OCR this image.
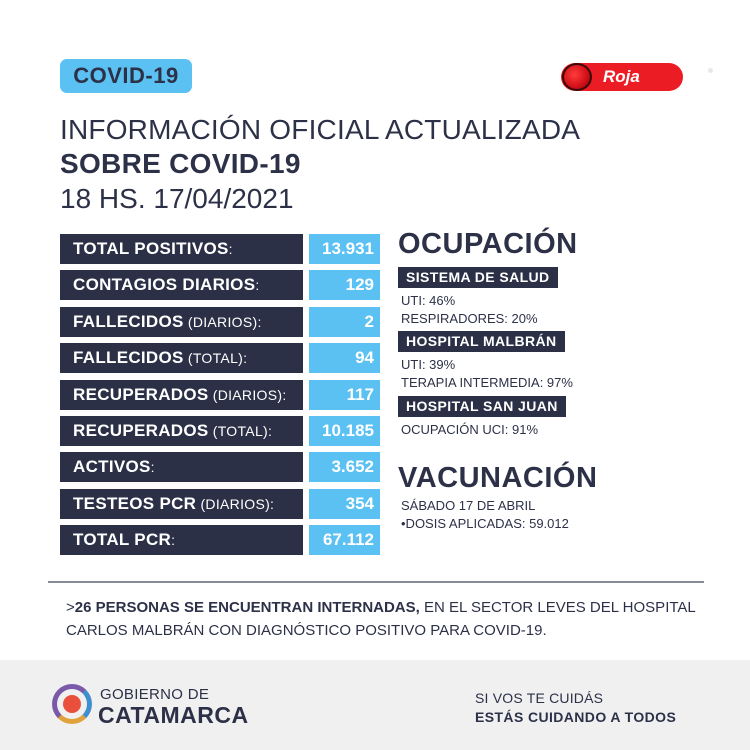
COVID-19	Roja
INFORMACIÓN OFICIAL ACTUALIZADA
SOBRE COVID-19
18 HS. 17/04/2021
TOTAL POSITIVOS:	13.931
CONTAGIOS DIARIOS:	129
FALLECIDOS (DIARIOS):	2
FALLECIDOS (TOTAL):	94
RECUPERADOS (DIARIOS):	117
RECUPERADOS (TOTAL):	10.185
ACTIVOS:	3.652
TESTEOS PCR (DIARIOS):	354
TOTAL PCR:	67.112
OCUPACIÓN
SISTEMA DE SALUD
UTI: 46%
RESPIRADORES: 20%
HOSPITAL MALBRÁN
UTI: 39%
TERAPIA INTERMEDIA: 97%
HOSPITAL SAN JUAN
OCUPACIÓN UCI: 91%
VACUNACIÓN
SÁBADO 17 DE ABRIL
•DOSIS APLICADAS: 59.012
>26 PERSONAS SE ENCUENTRAN INTERNADAS, EN EL SECTOR LEVES DEL HOSPITAL CARLOS MALBRÁN CON DIAGNÓSTICO POSITIVO PARA COVID-19.
GOBIERNO DE
CATAMARCA
SI VOS TE CUIDÁS
ESTÁS CUIDANDO A TODOS
